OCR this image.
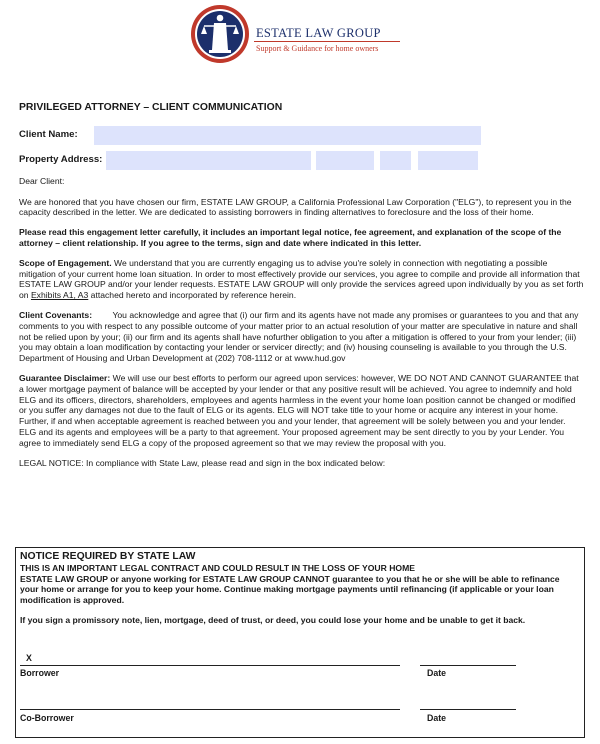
ESTATE LAW GROUP
Support & Guidance for home owners
PRIVILEGED ATTORNEY – CLIENT COMMUNICATION
Client Name:
Property Address:

Dear Client:

We are honored that you have chosen our firm, ESTATE LAW GROUP, a California Professional Law Corporation ("ELG"), to represent you in the capacity described in the letter. We are dedicated to assisting borrowers in finding alternatives to foreclosure and the loss of their home.

Please read this engagement letter carefully, it includes an important legal notice, fee agreement, and explanation of the scope of the attorney – client relationship. If you agree to the terms, sign and date where indicated in this letter.

Scope of Engagement. We understand that you are currently engaging us to advise you're solely in connection with negotiating a possible mitigation of your current home loan situation. In order to most effectively provide our services, you agree to compile and provide all information that ESTATE LAW GROUP and/or your lender requests. ESTATE LAW GROUP will only provide the services agreed upon individually by you as set forth on Exhibits A1, A3 attached hereto and incorporated by reference herein.

Client Covenants: You acknowledge and agree that (i) our firm and its agents have not made any promises or guarantees to you and that any comments to you with respect to any possible outcome of your matter prior to an actual resolution of your matter are speculative in nature and shall not be relied upon by your; (ii) our firm and its agents shall have nofurther obligation to you after a mitigation is offered to your from your lender; (iii) you may obtain a loan modification by contacting your lender or servicer directly; and (iv) housing counseling is available to you through the U.S. Department of Housing and Urban Development at (202) 708-1112 or at www.hud.gov

Guarantee Disclaimer: We will use our best efforts to perform our agreed upon services: however, WE DO NOT AND CANNOT GUARANTEE that a lower mortgage payment of balance will be accepted by your lender or that any positive result will be achieved. You agree to indemnify and hold ELG and its officers, directors, shareholders, employees and agents harmless in the event your home loan position cannot be changed or modified or you suffer any damages not due to the fault of ELG or its agents. ELG will NOT take title to your home or acquire any interest in your home. Further, if and when acceptable agreement is reached between you and your lender, that agreement will be solely between you and your lender. ELG and its agents and employees will be a party to that agreement. Your proposed agreement may be sent directly to you by your Lender. You agree to immediately send ELG a copy of the proposed agreement so that we may review the proposal with you.

LEGAL NOTICE: In compliance with State Law, please read and sign in the box indicated below:

NOTICE REQUIRED BY STATE LAW
THIS IS AN IMPORTANT LEGAL CONTRACT AND COULD RESULT IN THE LOSS OF YOUR HOME
ESTATE LAW GROUP or anyone working for ESTATE LAW GROUP CANNOT guarantee to you that he or she will be able to refinance your home or arrange for you to keep your home. Continue making mortgage payments until refinancing (if applicable or your loan modification is approved.
If you sign a promissory note, lien, mortgage, deed of trust, or deed, you could lose your home and be unable to get it back.
X
Borrower	Date
Co-Borrower	Date
